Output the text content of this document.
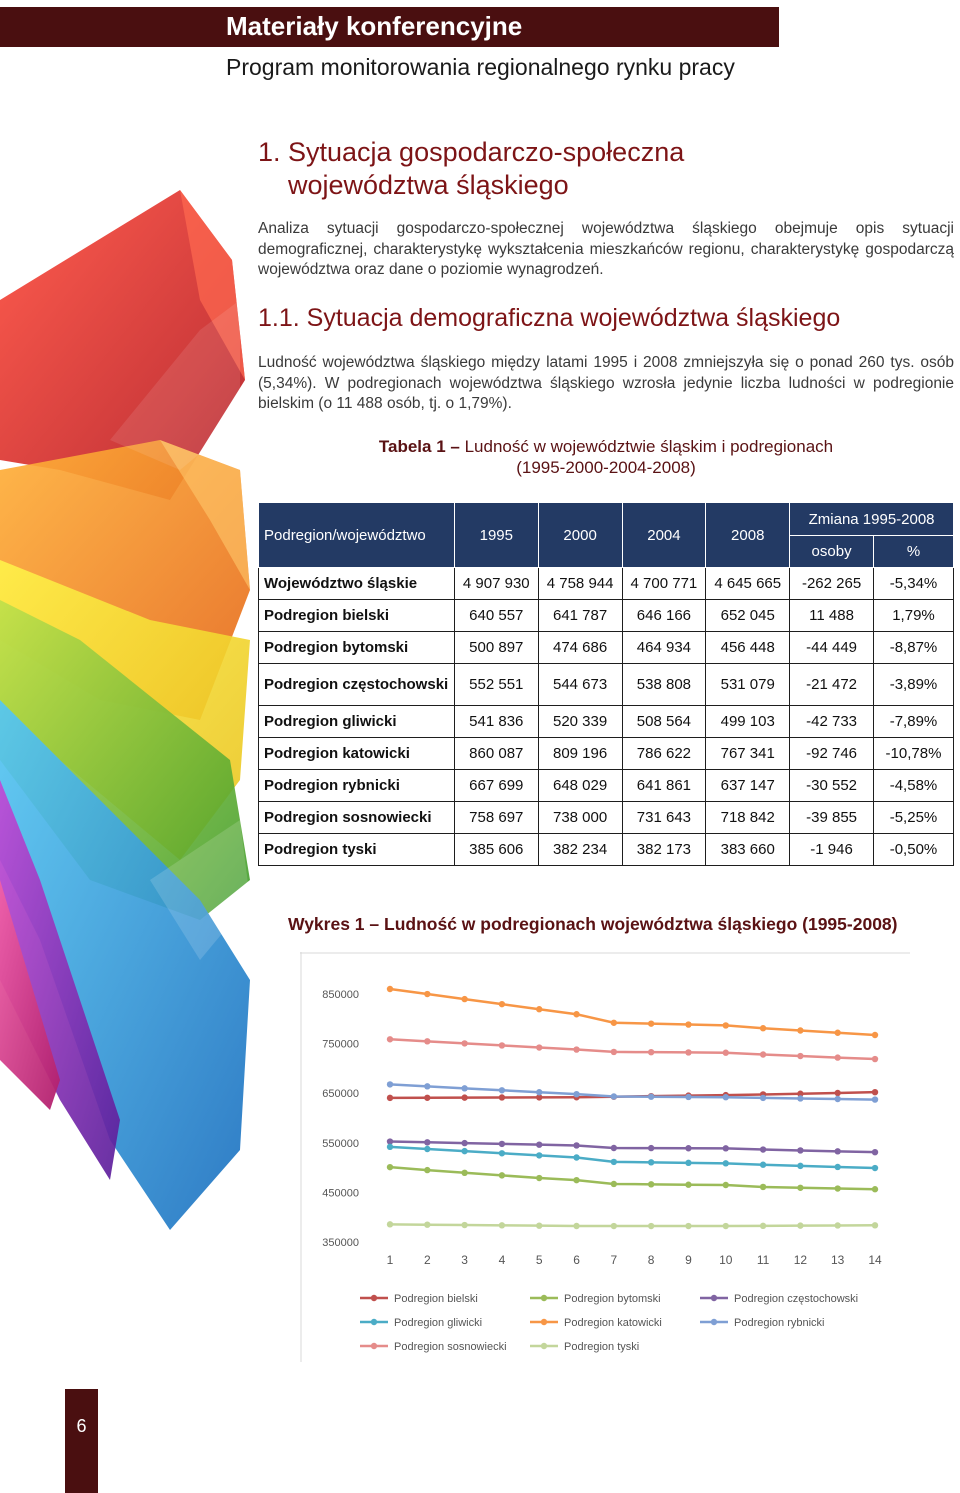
Materiały konferencyjne
Program monitorowania regionalnego rynku pracy
1. Sytuacja gospodarczo-społeczna
województwa śląskiego
Analiza sytuacji gospodarczo-społecznej województwa śląskiego obejmuje opis sytuacji demograficznej, charakterystykę wykształcenia mieszkańców regionu, charakterystykę gospodarczą województwa oraz dane o poziomie wynagrodzeń.
1.1. Sytuacja demograficzna województwa śląskiego
Ludność województwa śląskiego między latami 1995 i 2008 zmniejszyła się o ponad 260 tys. osób (5,34%). W podregionach województwa śląskiego wzrosła jedynie liczba ludności w podregionie bielskim (o 11 488 osób, tj. o 1,79%).
Tabela 1 – Ludność w województwie śląskim i podregionach
(1995-2000-2004-2008)
Podregion/województwo	1995	2000	2004	2008	Zmiana 1995-2008	
					osoby	%
Województwo śląskie	4 907 930	4 758 944	4 700 771	4 645 665	-262 265	-5,34%
Podregion bielski	640 557	641 787	646 166	652 045	11 488	1,79%
Podregion bytomski	500 897	474 686	464 934	456 448	-44 449	-8,87%
Podregion częstochowski	552 551	544 673	538 808	531 079	-21 472	-3,89%
Podregion gliwicki	541 836	520 339	508 564	499 103	-42 733	-7,89%
Podregion katowicki	860 087	809 196	786 622	767 341	-92 746	-10,78%
Podregion rybnicki	667 699	648 029	641 861	637 147	-30 552	-4,58%
Podregion sosnowiecki	758 697	738 000	731 643	718 842	-39 855	-5,25%
Podregion tyski	385 606	382 234	382 173	383 660	-1 946	-0,50%
Wykres 1 – Ludność w podregionach województwa śląskiego (1995-2008)
850000
750000
650000
550000
450000
350000
1	2	3	4	5	6	7	8	9 10 11 12 13 14
Podregion bielski	Podregion bytomski	Podregion częstochowski
Podregion gliwicki	Podregion katowicki	Podregion rybnicki
Podregion sosnowiecki	Podregion tyski
6
